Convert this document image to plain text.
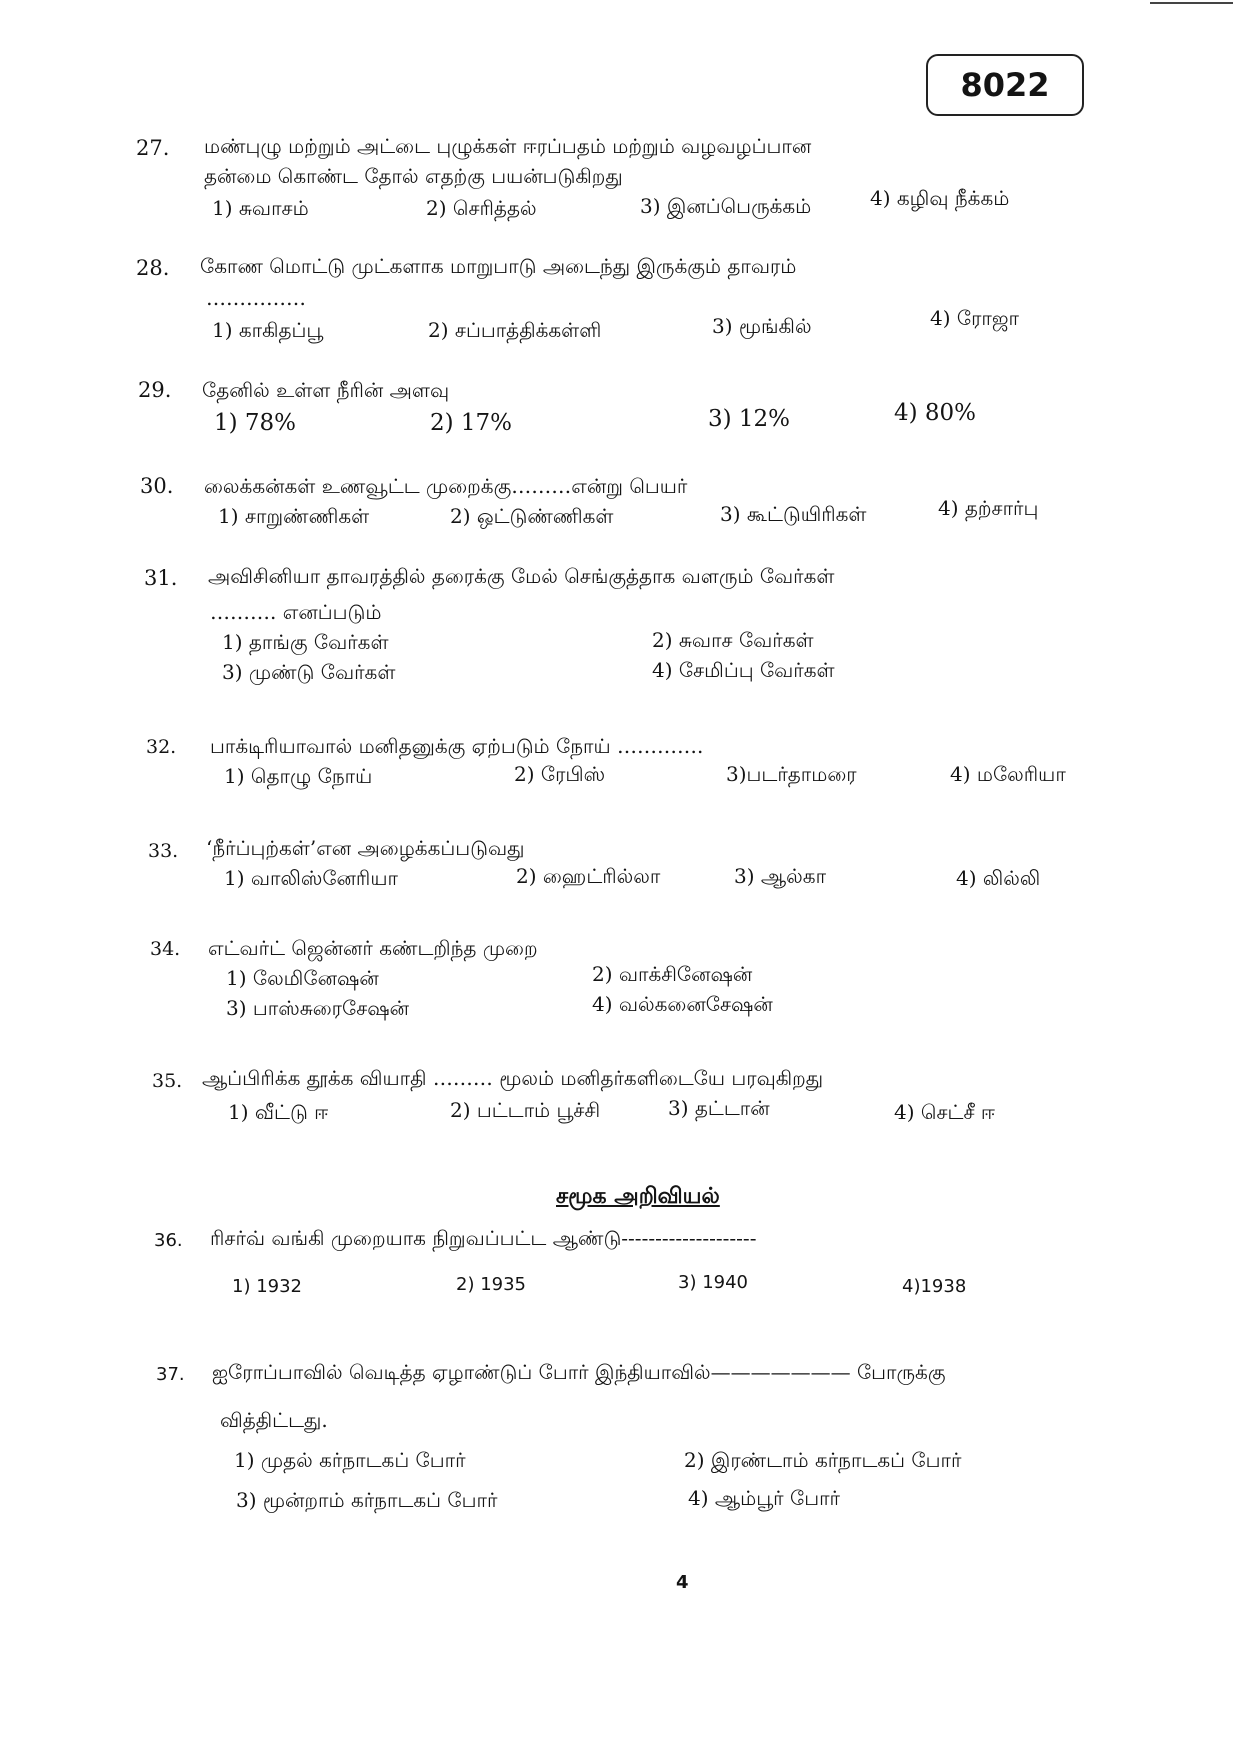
8022
27. மண்புழு மற்றும் அட்டை புழுக்கள் ஈரப்பதம் மற்றும் வழவழப்பான
தன்மை கொண்ட தோல் எதற்கு பயன்படுகிறது
1) சுவாசம்	2) செரித்தல்	3) இனப்பெருக்கம்	4) கழிவு நீக்கம்
28. கோண மொட்டு முட்களாக மாறுபாடு அடைந்து இருக்கும் தாவரம்
……………
1) காகிதப்பூ	2) சப்பாத்திக்கள்ளி	3) மூங்கில்	4) ரோஜா
29. தேனில் உள்ள நீரின் அளவு
1) 78%	2) 17%	3) 12%	4) 80%
30. லைக்கன்கள் உணவூட்ட முறைக்கு………என்று பெயர்
1) சாறுண்ணிகள்	2) ஒட்டுண்ணிகள்	3) கூட்டுயிரிகள்	4) தற்சார்பு
31. அவிசினியா தாவரத்தில் தரைக்கு மேல் செங்குத்தாக வளரும் வேர்கள்
………. எனப்படும்
1) தாங்கு வேர்கள்	2) சுவாச வேர்கள்
3) முண்டு வேர்கள்	4) சேமிப்பு வேர்கள்
32. பாக்டிரியாவால் மனிதனுக்கு ஏற்படும் நோய் ………….
1) தொழு நோய்	2) ரேபிஸ்	3)படர்தாமரை	4) மலேரியா
33. ‘நீர்ப்புற்கள்’என அழைக்கப்படுவது
1) வாலிஸ்னேரியா	2) ஹைட்ரில்லா	3) ஆல்கா	4) லில்லி
34. எட்வர்ட் ஜென்னர் கண்டறிந்த முறை
1) லேமினேஷன்	2) வாக்சினேஷன்
3) பாஸ்சுரைசேஷன்	4) வல்கனைசேஷன்
35. ஆப்பிரிக்க தூக்க வியாதி ……… மூலம் மனிதர்களிடையே பரவுகிறது
1) வீட்டு ஈ	2) பட்டாம் பூச்சி	3) தட்டான்	4) செட்சீ ஈ
சமூக அறிவியல்
36. ரிசர்வ் வங்கி முறையாக நிறுவப்பட்ட ஆண்டு--------------------
1) 1932	2) 1935	3) 1940	4)1938
37. ஐரோப்பாவில் வெடித்த ஏழாண்டுப் போர் இந்தியாவில்——————— போருக்கு
வித்திட்டது.
1) முதல் கர்நாடகப் போர்	2) இரண்டாம் கர்நாடகப் போர்
3) மூன்றாம் கர்நாடகப் போர்	4) ஆம்பூர் போர்
4
